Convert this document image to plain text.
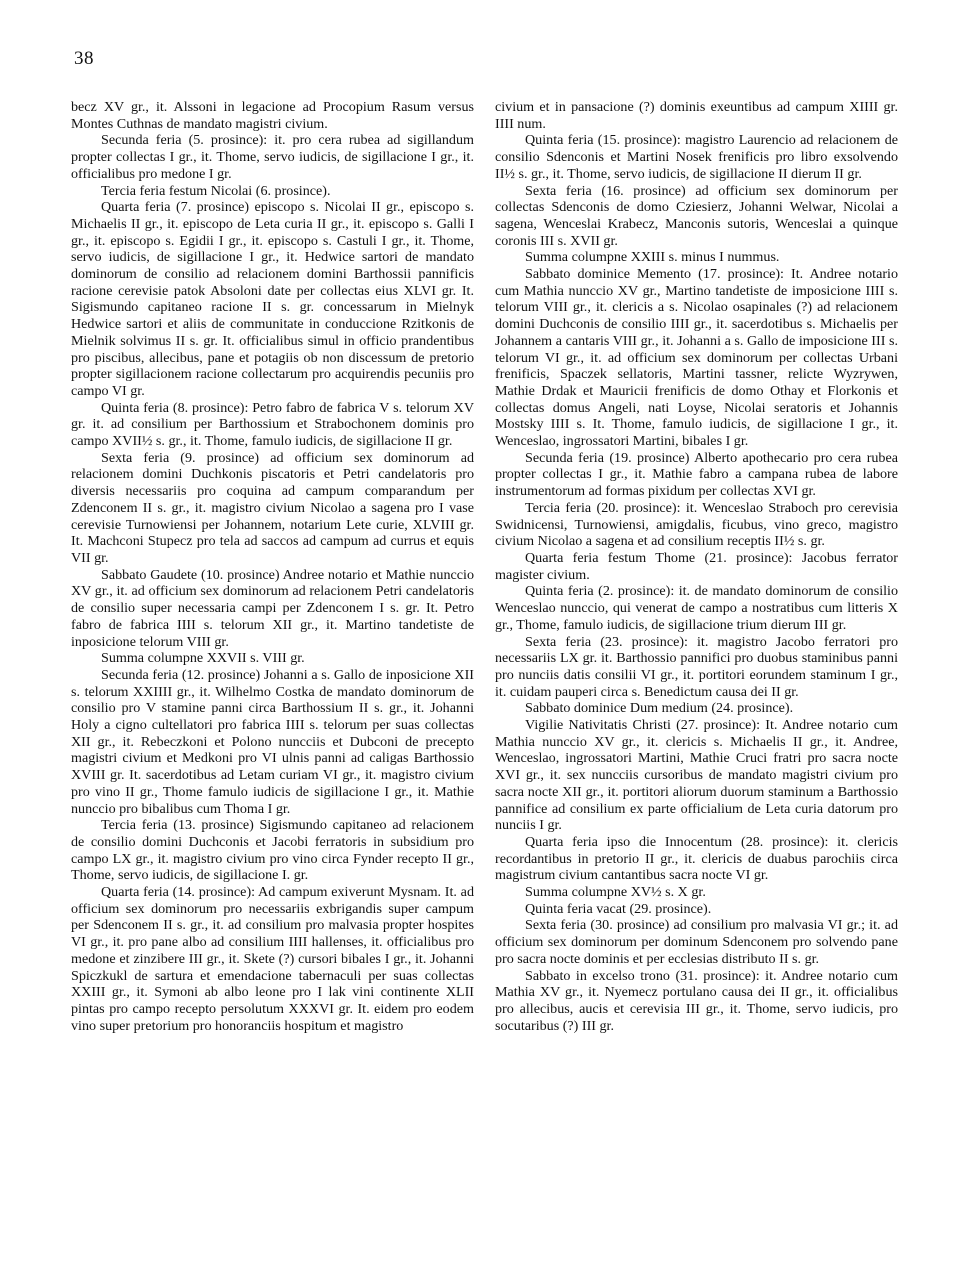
38

becz XV gr., it. Alssoni in legacione ad Procopium Rasum versus Montes Cuthnas de mandato magistri civium.

Secunda feria (5. prosince): it. pro cera rubea ad sigillandum propter collectas I gr., it. Thome, servo iudicis, de sigillacione I gr., it. officialibus pro medone I gr.

Tercia feria festum Nicolai (6. prosince).

Quarta feria (7. prosince) episcopo s. Nicolai II gr., episcopo s. Michaelis II gr., it. episcopo de Leta curia II gr., it. episcopo s. Galli I gr., it. episcopo s. Egidii I gr., it. episcopo s. Castuli I gr., it. Thome, servo iudicis, de sigillacione I gr., it. Hedwice sartori de mandato dominorum de consilio ad relacionem domini Barthossii pannificis racione cerevisie patok Absoloni date per collectas eius XLVI gr. It. Sigismundo capitaneo racione II s. gr. concessarum in Mielnyk Hedwice sartori et aliis de communitate in conduccione Rzitkonis de Mielnik solvimus II s. gr. It. officialibus simul in officio prandentibus pro piscibus, allecibus, pane et potagiis ob non discessum de pretorio propter sigillacionem racione collectarum pro acquirendis pecuniis pro campo VI gr.

Quinta feria (8. prosince): Petro fabro de fabrica V s. telorum XV gr. it. ad consilium per Barthossium et Strabochonem dominis pro campo XVII½ s. gr., it. Thome, famulo iudicis, de sigillacione II gr.

Sexta feria (9. prosince) ad officium sex dominorum ad relacionem domini Duchkonis piscatoris et Petri candelatoris pro diversis necessariis pro coquina ad campum comparandum per Zdenconem II s. gr., it. magistro civium Nicolao a sagena pro I vase cerevisie Turnowiensi per Johannem, notarium Lete curie, XLVIII gr. It. Machconi Stupecz pro tela ad saccos ad campum ad currus et equis VII gr.

Sabbato Gaudete (10. prosince) Andree notario et Mathie nunccio XV gr., it. ad officium sex dominorum ad relacionem Petri candelatoris de consilio super necessaria campi per Zdenconem I s. gr. It. Petro fabro de fabrica IIII s. telorum XII gr., it. Martino tandetiste de inposicione telorum VIII gr.

Summa columpne XXVII s. VIII gr.

Secunda feria (12. prosince) Johanni a s. Gallo de inposicione XII s. telorum XXIIII gr., it. Wilhelmo Costka de mandato dominorum de consilio pro V stamine panni circa Barthossium II s. gr., it. Johanni Holy a cigno cultellatori pro fabrica IIII s. telorum per suas collectas XII gr., it. Rebeczkoni et Polono nuncciis et Dubconi de precepto magistri civium et Medkoni pro VI ulnis panni ad caligas Barthossio XVIII gr. It. sacerdotibus ad Letam curiam VI gr., it. magistro civium pro vino II gr., Thome famulo iudicis de sigillacione I gr., it. Mathie nunccio pro bibalibus cum Thoma I gr.

Tercia feria (13. prosince) Sigismundo capitaneo ad relacionem de consilio domini Duchconis et Jacobi ferratoris in subsidium pro campo LX gr., it. magistro civium pro vino circa Fynder recepto II gr., Thome, servo iudicis, de sigillacione I. gr.

Quarta feria (14. prosince): Ad campum exiverunt Mysnam. It. ad officium sex dominorum pro necessariis exbrigandis super campum per Sdenconem II s. gr., it. ad consilium pro malvasia propter hospites VI gr., it. pro pane albo ad consilium IIII hallenses, it. officialibus pro medone et zinzibere III gr., it. Skete (?) cursori bibales I gr., it. Johanni Spiczkukl de sartura et emendacione tabernaculi per suas collectas XXIII gr., it. Symoni ab albo leone pro I lak vini continente XLII pintas pro campo recepto persolutum XXXVI gr. It. eidem pro eodem vino super pretorium pro honoranciis hospitum et magistro

civium et in pansacione (?) dominis exeuntibus ad campum XIIII gr. IIII num.

Quinta feria (15. prosince): magistro Laurencio ad relacionem de consilio Sdenconis et Martini Nosek frenificis pro libro exsolvendo II½ s. gr., it. Thome, servo iudicis, de sigillacione II dierum II gr.

Sexta feria (16. prosince) ad officium sex dominorum per collectas Sdenconis de domo Cziesierz, Johanni Welwar, Nicolai a sagena, Wenceslai Krabecz, Manconis sutoris, Wenceslai a quinque coronis III s. XVII gr.

Summa columpne XXIII s. minus I nummus.

Sabbato dominice Memento (17. prosince): It. Andree notario cum Mathia nunccio XV gr., Martino tandetiste de imposicione IIII s. telorum VIII gr., it. clericis a s. Nicolao osapinales (?) ad relacionem domini Duchconis de consilio IIII gr., it. sacerdotibus s. Michaelis per Johannem a cantaris VIII gr., it. Johanni a s. Gallo de imposicione III s. telorum VI gr., it. ad officium sex dominorum per collectas Urbani frenificis, Spaczek sellatoris, Martini tassner, relicte Wyzrywen, Mathie Drdak et Mauricii frenificis de domo Othay et Florkonis et collectas domus Angeli, nati Loyse, Nicolai seratoris et Johannis Mostsky IIII s. It. Thome, famulo iudicis, de sigillacione I gr., it. Wenceslao, ingrossatori Martini, bibales I gr.

Secunda feria (19. prosince) Alberto apothecario pro cera rubea propter collectas I gr., it. Mathie fabro a campana rubea de labore instrumentorum ad formas pixidum per collectas XVI gr.

Tercia feria (20. prosince): it. Wenceslao Straboch pro cerevisia Swidnicensi, Turnowiensi, amigdalis, ficubus, vino greco, magistro civium Nicolao a sagena et ad consilium receptis II½ s. gr.

Quarta feria festum Thome (21. prosince): Jacobus ferrator magister civium.

Quinta feria (2. prosince): it. de mandato dominorum de consilio Wenceslao nunccio, qui venerat de campo a nostratibus cum litteris X gr., Thome, famulo iudicis, de sigillacione trium dierum III gr.

Sexta feria (23. prosince): it. magistro Jacobo ferratori pro necessariis LX gr. it. Barthossio pannifici pro duobus staminibus panni pro nunciis datis consilii VI gr., it. portitori eorundem staminum I gr., it. cuidam pauperi circa s. Benedictum causa dei II gr.

Sabbato dominice Dum medium (24. prosince).

Vigilie Nativitatis Christi (27. prosince): It. Andree notario cum Mathia nunccio XV gr., it. clericis s. Michaelis II gr., it. Andree, Wenceslao, ingrossatori Martini, Mathie Cruci fratri pro sacra nocte XVI gr., it. sex nuncciis cursoribus de mandato magistri civium pro sacra nocte XII gr., it. portitori aliorum duorum staminum a Barthossio pannifice ad consilium ex parte officialium de Leta curia datorum pro nunciis I gr.

Quarta feria ipso die Innocentum (28. prosince): it. clericis recordantibus in pretorio II gr., it. clericis de duabus parochiis circa magistrum civium cantantibus sacra nocte VI gr.

Summa columpne XV½ s. X gr.

Quinta feria vacat (29. prosince).

Sexta feria (30. prosince) ad consilium pro malvasia VI gr.; it. ad officium sex dominorum per dominum Sdenconem pro solvendo pane pro sacra nocte dominis et per ecclesias distributo II s. gr.

Sabbato in excelso trono (31. prosince): it. Andree notario cum Mathia XV gr., it. Nyemecz portulano causa dei II gr., it. officialibus pro allecibus, aucis et cerevisia III gr., it. Thome, servo iudicis, pro socutaribus (?) III gr.
